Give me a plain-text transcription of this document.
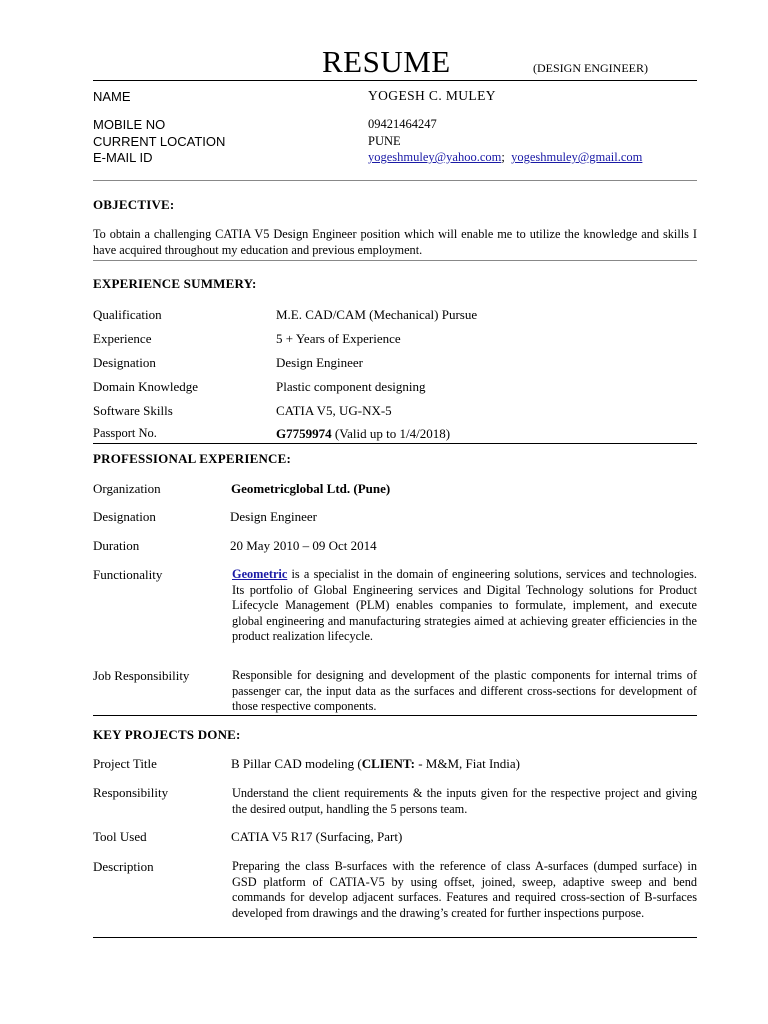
RESUME	(DESIGN ENGINEER)
NAME	YOGESH C. MULEY
MOBILE NO	09421464247
CURRENT LOCATION	PUNE
E-MAIL ID	yogeshmuley@yahoo.com; yogeshmuley@gmail.com
OBJECTIVE:
To obtain a challenging CATIA V5 Design Engineer position which will enable me to utilize the knowledge and skills I have acquired throughout my education and previous employment.
EXPERIENCE SUMMERY:
Qualification	M.E. CAD/CAM (Mechanical) Pursue
Experience	5 + Years of Experience
Designation	Design Engineer
Domain Knowledge	Plastic component designing
Software Skills	CATIA V5, UG-NX-5
Passport No.	G7759974 (Valid up to 1/4/2018)
PROFESSIONAL EXPERIENCE:
Organization	Geometricglobal Ltd. (Pune)
Designation	Design Engineer
Duration	20 May 2010 – 09 Oct 2014
Functionality	Geometric is a specialist in the domain of engineering solutions, services and technologies. Its portfolio of Global Engineering services and Digital Technology solutions for Product Lifecycle Management (PLM) enables companies to formulate, implement, and execute global engineering and manufacturing strategies aimed at achieving greater efficiencies in the product realization lifecycle.
Job Responsibility	Responsible for designing and development of the plastic components for internal trims of passenger car, the input data as the surfaces and different cross-sections for development of those respective components.
KEY PROJECTS DONE:
Project Title	B Pillar CAD modeling (CLIENT: - M&M, Fiat India)
Responsibility	Understand the client requirements & the inputs given for the respective project and giving the desired output, handling the 5 persons team.
Tool Used	CATIA V5 R17 (Surfacing, Part)
Description	Preparing the class B-surfaces with the reference of class A-surfaces (dumped surface) in GSD platform of CATIA-V5 by using offset, joined, sweep, adaptive sweep and bend commands for develop adjacent surfaces. Features and required cross-section of B-surfaces developed from drawings and the drawing’s created for further inspections purpose.
